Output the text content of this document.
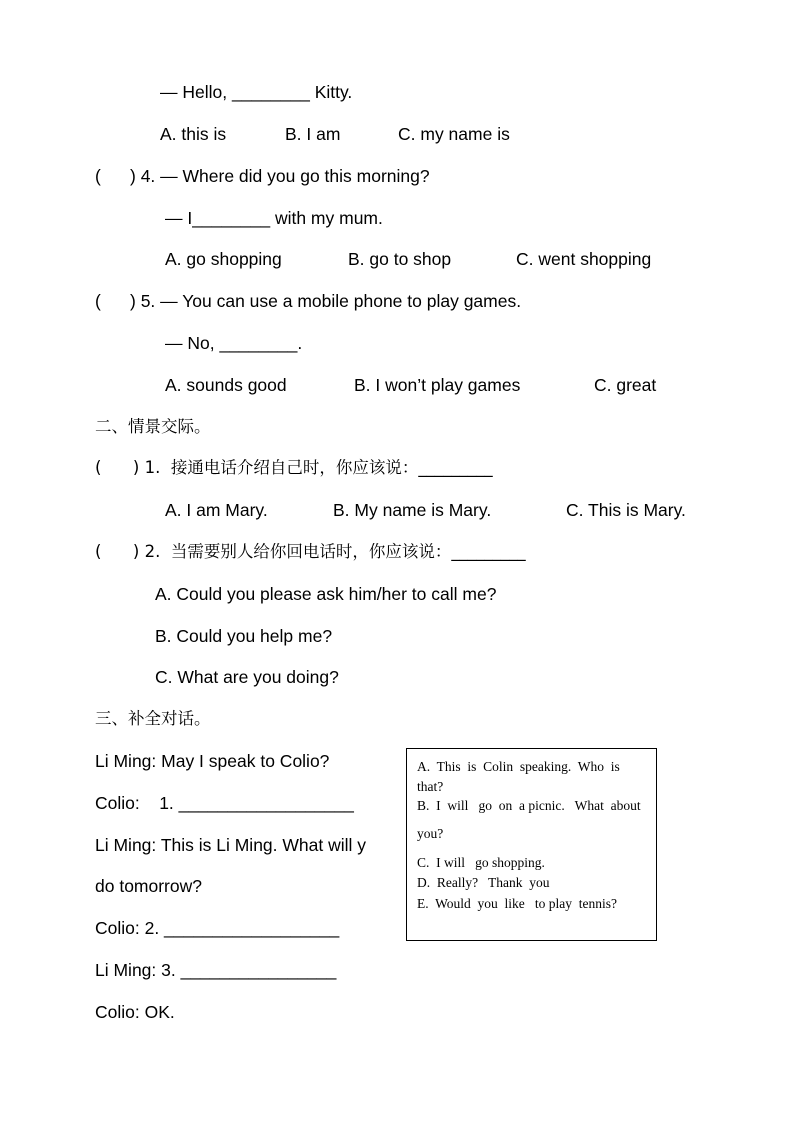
— Hello, ________ Kitty.
A. this is	B. I am	C. my name is
(      ) 4. — Where did you go this morning?
— I________ with my mum.
A. go shopping	B. go to shop	C. went shopping
(      ) 5. — You can use a mobile phone to play games.
— No, ________.
A. sounds good	B. I won’t play games	C. great
二、情景交际。
(      ) 1.  接通电话介绍自己时，你应该说：_________
A. I am Mary.	B. My name is Mary.	C. This is Mary.
(      ) 2.  当需要别人给你回电话时，你应该说：_________
A. Could you please ask him/her to call me?
B. Could you help me?
C. What are you doing?
三、补全对话。
Li Ming: May I speak to Colio?
Colio:    1. __________________
Li Ming: This is Li Ming. What will y
do tomorrow?
Colio: 2. __________________
Li Ming: 3. ________________
Colio: OK.
A.  This  is  Colin  speaking.  Who  is
that?
B.  I  will   go  on  a picnic.   What  about
you?
C.  I will   go shopping.
D.  Really?   Thank  you
E.  Would  you  like   to play  tennis?
